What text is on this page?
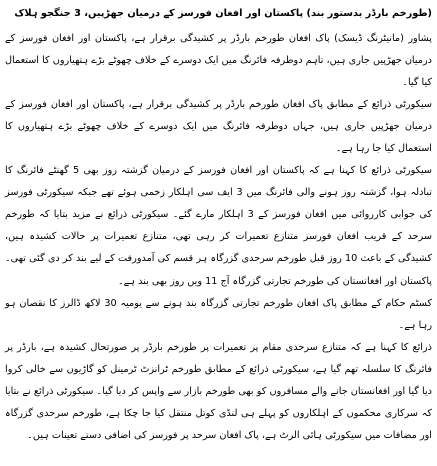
(طورخم بارڈر بدستور بند) پاکستان اور افغان فورسز کے درمیان جھڑپیں، 3 جنگجو ہلاک

پشاور (مانیٹرنگ ڈیسک) پاک افغان طورخم بارڈر پر کشیدگی برقرار ہے، پاکستان اور افغان فورسز کے درمیان جھڑپیں جاری ہیں، تاہم دوطرفہ فائرنگ میں ایک دوسرے کے خلاف چھوٹے بڑے ہتھیاروں کا استعمال کیا گیا۔

سیکورٹی ذرائع کے مطابق پاک افغان طورخم بارڈر پر کشیدگی برقرار ہے، پاکستان اور افغان فورسز کے درمیان جھڑپیں جاری ہیں، جہاں دوطرفہ فائرنگ میں ایک دوسرے کے خلاف چھوٹے بڑے ہتھیاروں کا استعمال کیا جا رہا ہے۔

سیکورٹی ذرائع کا کہنا ہے کہ پاکستان اور افغان فورسز کے درمیان گزشتہ روز بھی 5 گھنٹے فائرنگ کا تبادلہ ہوا، گزشتہ روز ہونے والی فائرنگ میں 3 ایف سی اہلکار زخمی ہوئے تھے جبکہ سیکورٹی فورسز کی جوابی کارروائی میں افغان فورسز کے 3 اہلکار مارے گئے۔ سیکورٹی ذرائع نے مزید بتایا کہ طورخم سرحد کے قریب افغان فورسز متنازع تعمیرات کر رہی تھی، متنازع تعمیرات پر حالات کشیدہ ہیں، کشیدگی کے باعث 10 روز قبل طورخم سرحدی گزرگاہ ہر قسم کی آمدورفت کے لیے بند کر دی گئی تھی۔ پاکستان اور افغانستان کی طورخم تجارتی گزرگاہ آج 11 ویں روز بھی بند ہے۔

کسٹم حکام کے مطابق پاک افغان طورخم تجارتی گزرگاہ بند ہونے سے یومیہ 30 لاکھ ڈالرز کا نقصان ہو رہا ہے۔

ذرائع کا کہنا ہے کہ متنازع سرحدی مقام پر تعمیرات پر طورخم بارڈر پر صورتحال کشیدہ ہے، بارڈر پر فائرنگ کا سلسلہ تھم گیا ہے، سیکورٹی ذرائع کے مطابق طورخم ٹرانزٹ ٹرمینل کو گاڑیوں سے خالی کروا دیا گیا اور افغانستان جانے والے مسافروں کو بھی طورخم بازار سے واپس کر دیا گیا۔ سیکورٹی ذرائع نے بتایا کہ سرکاری محکموں کے اہلکاروں کو پہلے ہی لنڈی کوتل منتقل کیا جا چکا ہے، طورخم سرحدی گزرگاہ اور مضافات میں سیکورٹی ہائی الرٹ ہے، پاک افغان سرحد پر فورسز کی اضافی دستے تعینات ہیں۔
